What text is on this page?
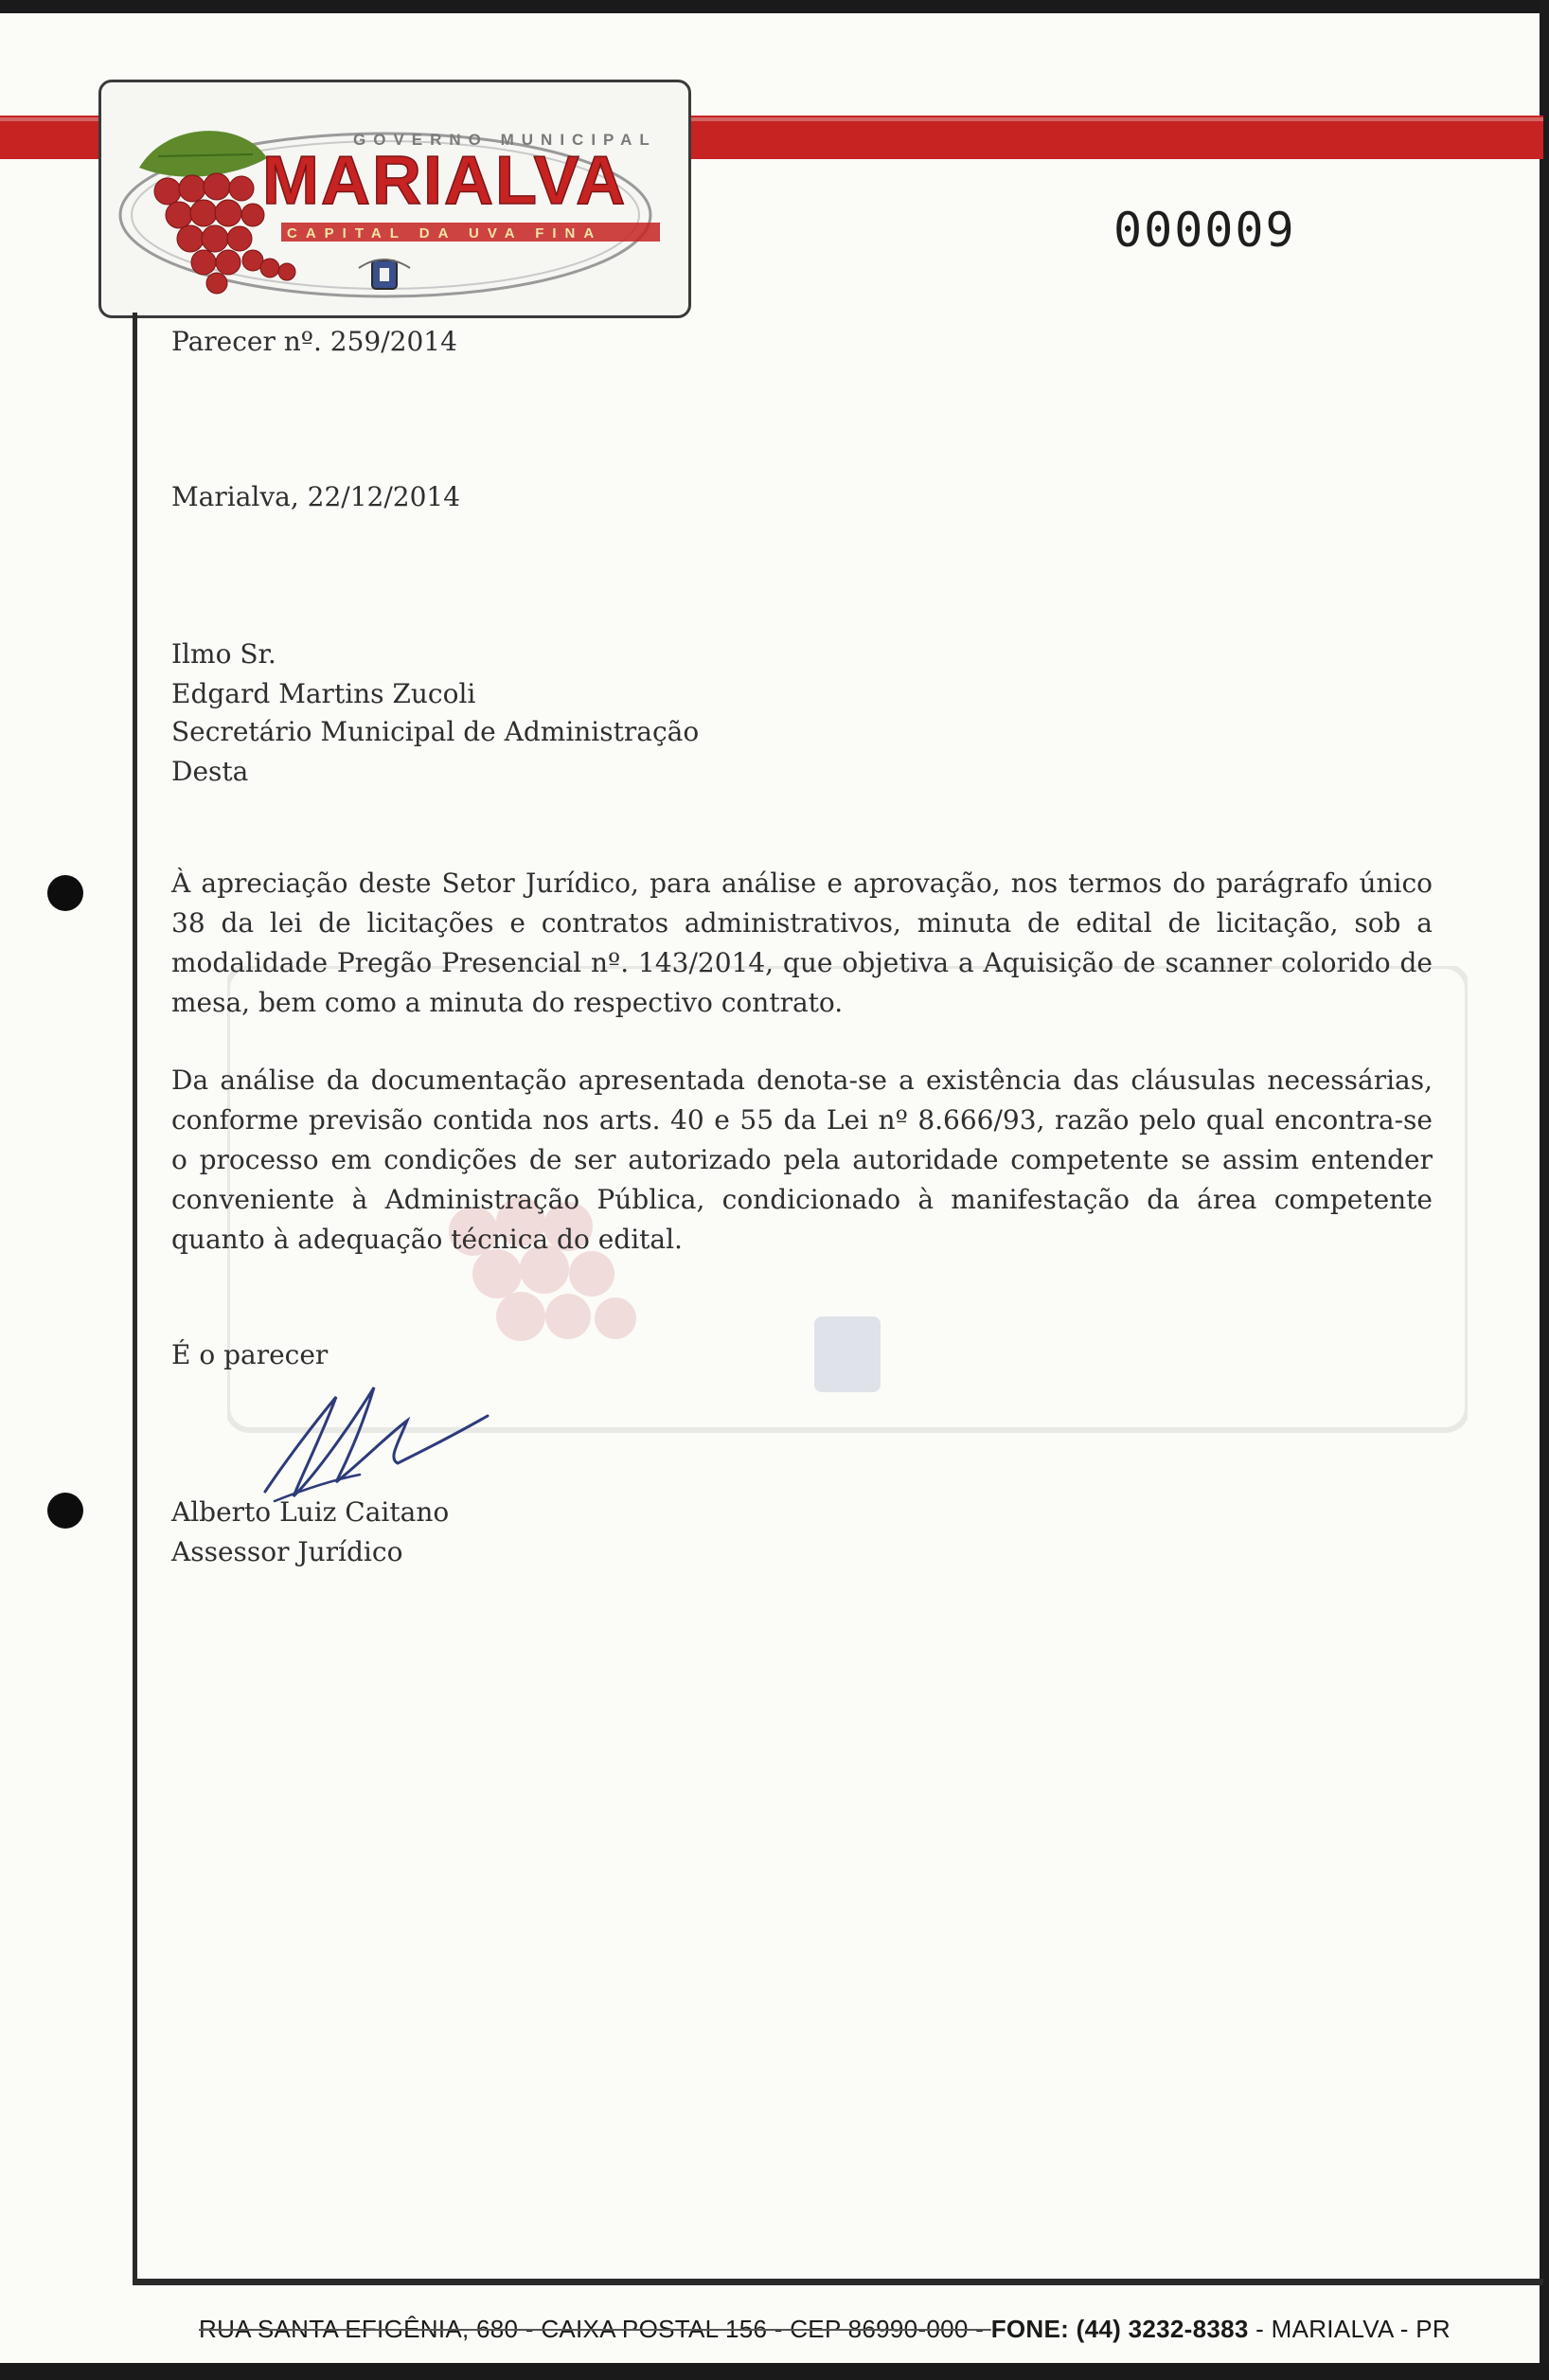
GOVERNO MUNICIPAL
MARIALVA
CAPITAL DA UVA FINA	000009
Parecer nº. 259/2014
Marialva, 22/12/2014
Ilmo Sr.
Edgard Martins Zucoli
Secretário Municipal de Administração
Desta
À apreciação deste Setor Jurídico, para análise e aprovação, nos termos do parágrafo único 38 da lei de licitações e contratos administrativos, minuta de edital de licitação, sob a modalidade Pregão Presencial nº. 143/2014, que objetiva a Aquisição de scanner colorido de mesa, bem como a minuta do respectivo contrato.
Da análise da documentação apresentada denota-se a existência das cláusulas necessárias, conforme previsão contida nos arts. 40 e 55 da Lei nº 8.666/93, razão pelo qual encontra-se o processo em condições de ser autorizado pela autoridade competente se assim entender conveniente à Administração Pública, condicionado à manifestação da área competente quanto à adequação técnica do edital.
É o parecer
Alberto Luiz Caitano
Assessor Jurídico
RUA SANTA EFIGÊNIA, 680 - CAIXA POSTAL 156 - CEP 86990-000 - FONE: (44) 3232-8383 - MARIALVA - PR
